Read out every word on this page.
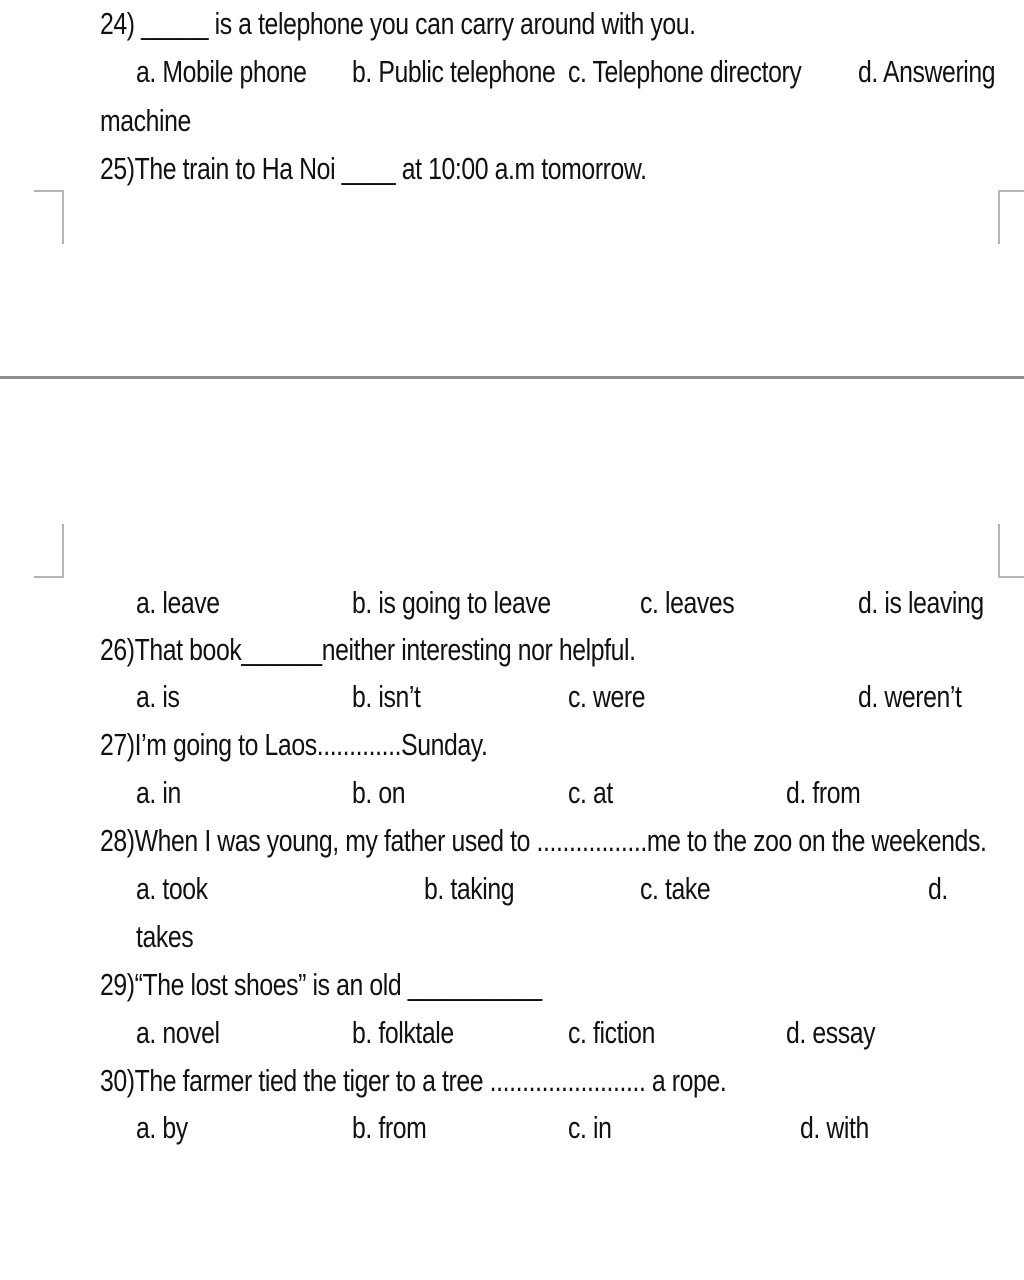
24) _____ is a telephone you can carry around with you.
a. Mobile phone b. Public telephone c. Telephone directory d. Answering
machine
25)The train to Ha Noi ____ at 10:00 a.m tomorrow.
a. leave	b. is going to leave	c. leaves	d. is leaving
26)That book______neither interesting nor helpful.
a. is	b. isn’t	c. were	d. weren’t
27)I’m going to Laos.............Sunday.
a. in	b. on	c. at	d. from
28)When I was young, my father used to .................me to the zoo on the weekends.
a. took	b. taking	c. take	d.
takes
29)“The lost shoes” is an old __________
a. novel	b. folktale	c. fiction	d. essay
30)The farmer tied the tiger to a tree ........................ a rope.
a. by	b. from	c. in	d. with
